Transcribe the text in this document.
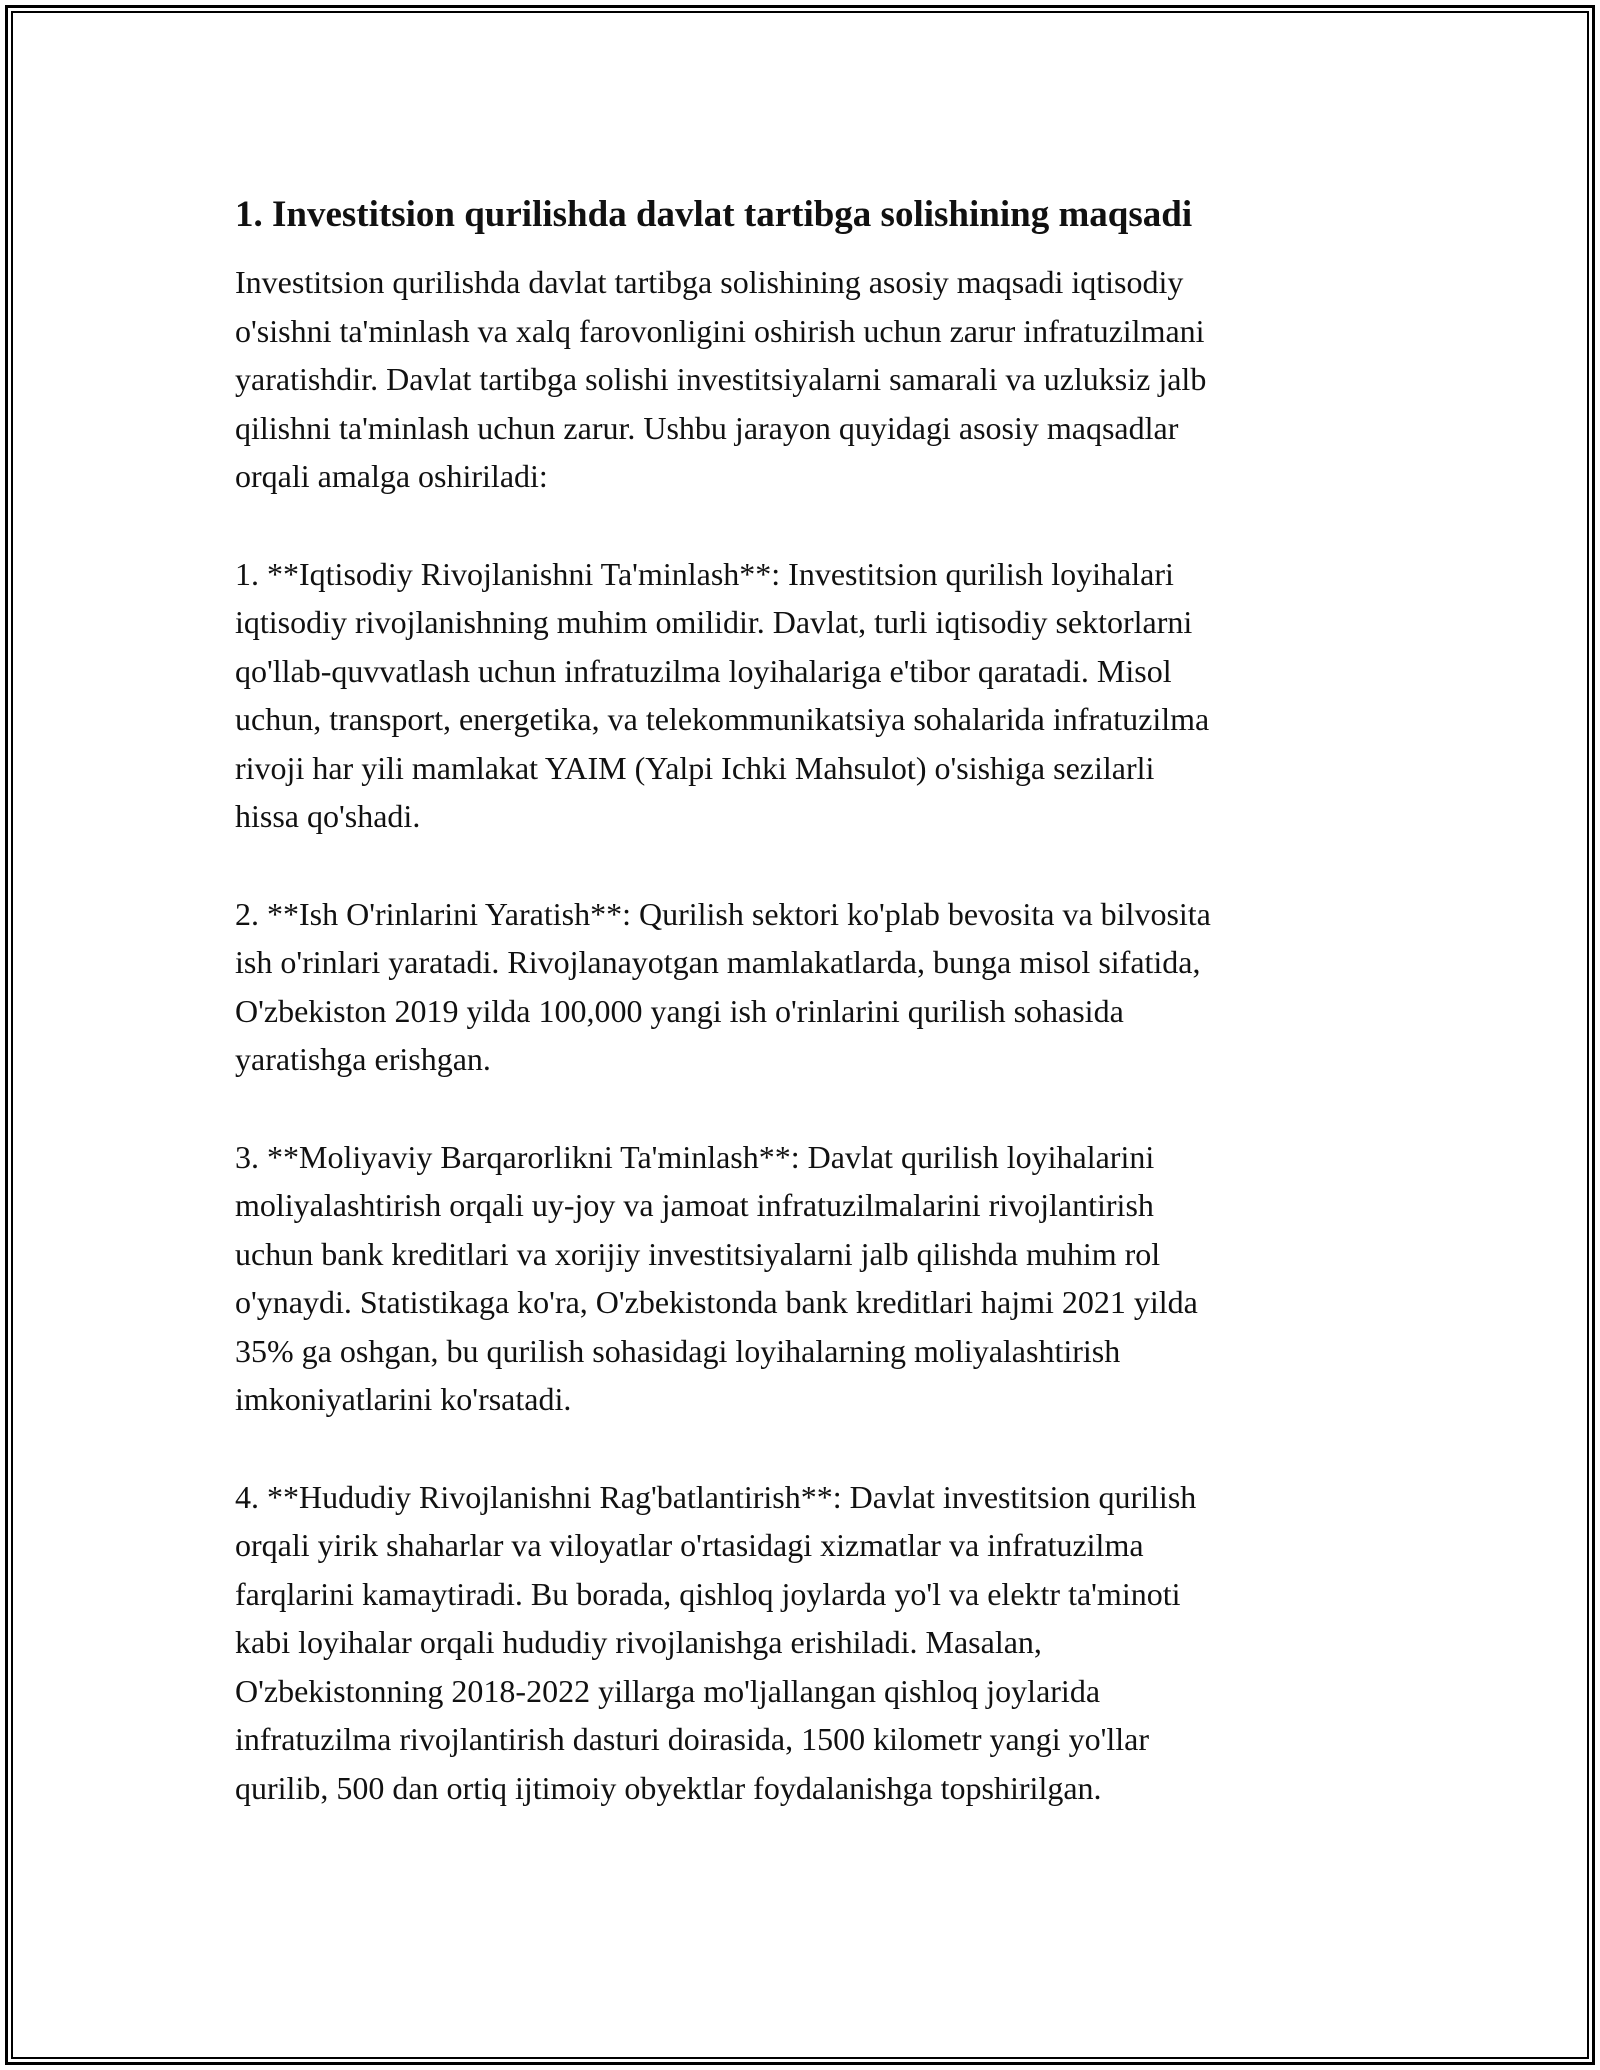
1. Investitsion qurilishda davlat tartibga solishining maqsadi

Investitsion qurilishda davlat tartibga solishining asosiy maqsadi iqtisodiy
o'sishni ta'minlash va xalq farovonligini oshirish uchun zarur infratuzilmani
yaratishdir. Davlat tartibga solishi investitsiyalarni samarali va uzluksiz jalb
qilishni ta'minlash uchun zarur. Ushbu jarayon quyidagi asosiy maqsadlar
orqali amalga oshiriladi:

1. **Iqtisodiy Rivojlanishni Ta'minlash**: Investitsion qurilish loyihalari
iqtisodiy rivojlanishning muhim omilidir. Davlat, turli iqtisodiy sektorlarni
qo'llab-quvvatlash uchun infratuzilma loyihalariga e'tibor qaratadi. Misol
uchun, transport, energetika, va telekommunikatsiya sohalarida infratuzilma
rivoji har yili mamlakat YAIM (Yalpi Ichki Mahsulot) o'sishiga sezilarli
hissa qo'shadi.

2. **Ish O'rinlarini Yaratish**: Qurilish sektori ko'plab bevosita va bilvosita
ish o'rinlari yaratadi. Rivojlanayotgan mamlakatlarda, bunga misol sifatida,
O'zbekiston 2019 yilda 100,000 yangi ish o'rinlarini qurilish sohasida
yaratishga erishgan.

3. **Moliyaviy Barqarorlikni Ta'minlash**: Davlat qurilish loyihalarini
moliyalashtirish orqali uy-joy va jamoat infratuzilmalarini rivojlantirish
uchun bank kreditlari va xorijiy investitsiyalarni jalb qilishda muhim rol
o'ynaydi. Statistikaga ko'ra, O'zbekistonda bank kreditlari hajmi 2021 yilda
35% ga oshgan, bu qurilish sohasidagi loyihalarning moliyalashtirish
imkoniyatlarini ko'rsatadi.

4. **Hududiy Rivojlanishni Rag'batlantirish**: Davlat investitsion qurilish
orqali yirik shaharlar va viloyatlar o'rtasidagi xizmatlar va infratuzilma
farqlarini kamaytiradi. Bu borada, qishloq joylarda yo'l va elektr ta'minoti
kabi loyihalar orqali hududiy rivojlanishga erishiladi. Masalan,
O'zbekistonning 2018-2022 yillarga mo'ljallangan qishloq joylarida
infratuzilma rivojlantirish dasturi doirasida, 1500 kilometr yangi yo'llar
qurilib, 500 dan ortiq ijtimoiy obyektlar foydalanishga topshirilgan.
